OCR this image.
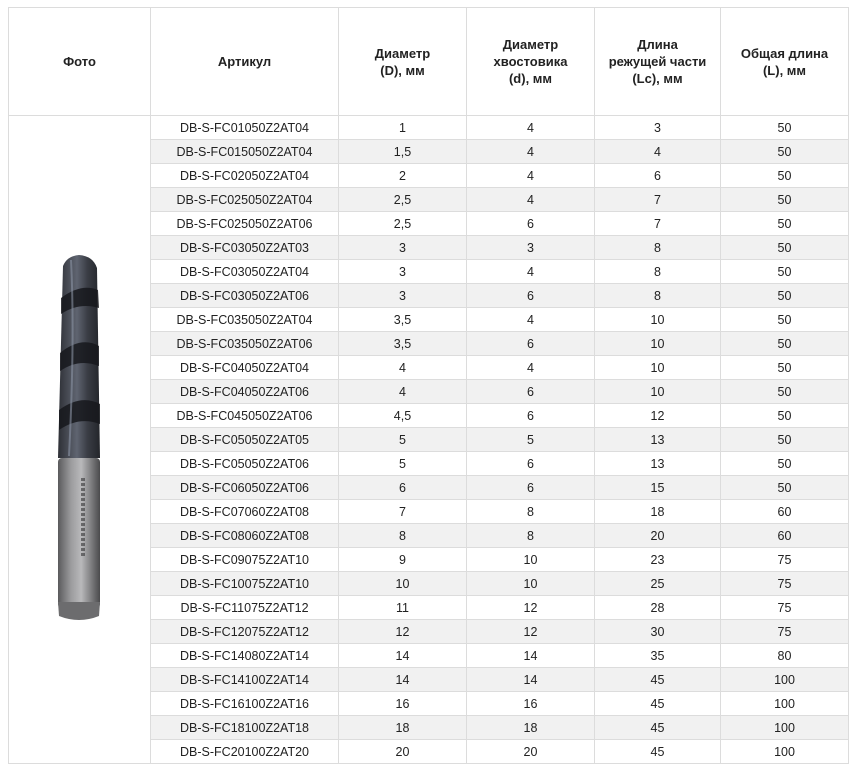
Фото	Артикул	Диаметр
(D), мм	Диаметр
хвостовика
(d), мм	Длина
режущей части
(Lc), мм	Общая длина
(L), мм
	DB-S-FC01050Z2AT04	1	4	3	50
	DB-S-FC015050Z2AT04	1,5	4	4	50
	DB-S-FC02050Z2AT04	2	4	6	50
	DB-S-FC025050Z2AT04	2,5	4	7	50
	DB-S-FC025050Z2AT06	2,5	6	7	50
	DB-S-FC03050Z2AT03	3	3	8	50
	DB-S-FC03050Z2AT04	3	4	8	50
	DB-S-FC03050Z2AT06	3	6	8	50
	DB-S-FC035050Z2AT04	3,5	4	10	50
	DB-S-FC035050Z2AT06	3,5	6	10	50
	DB-S-FC04050Z2AT04	4	4	10	50
	DB-S-FC04050Z2AT06	4	6	10	50
	DB-S-FC045050Z2AT06	4,5	6	12	50
	DB-S-FC05050Z2AT05	5	5	13	50
	DB-S-FC05050Z2AT06	5	6	13	50
	DB-S-FC06050Z2AT06	6	6	15	50
	DB-S-FC07060Z2AT08	7	8	18	60
	DB-S-FC08060Z2AT08	8	8	20	60
	DB-S-FC09075Z2AT10	9	10	23	75
	DB-S-FC10075Z2AT10	10	10	25	75
	DB-S-FC11075Z2AT12	11	12	28	75
	DB-S-FC12075Z2AT12	12	12	30	75
	DB-S-FC14080Z2AT14	14	14	35	80
	DB-S-FC14100Z2AT14	14	14	45	100
	DB-S-FC16100Z2AT16	16	16	45	100
	DB-S-FC18100Z2AT18	18	18	45	100
	DB-S-FC20100Z2AT20	20	20	45	100
